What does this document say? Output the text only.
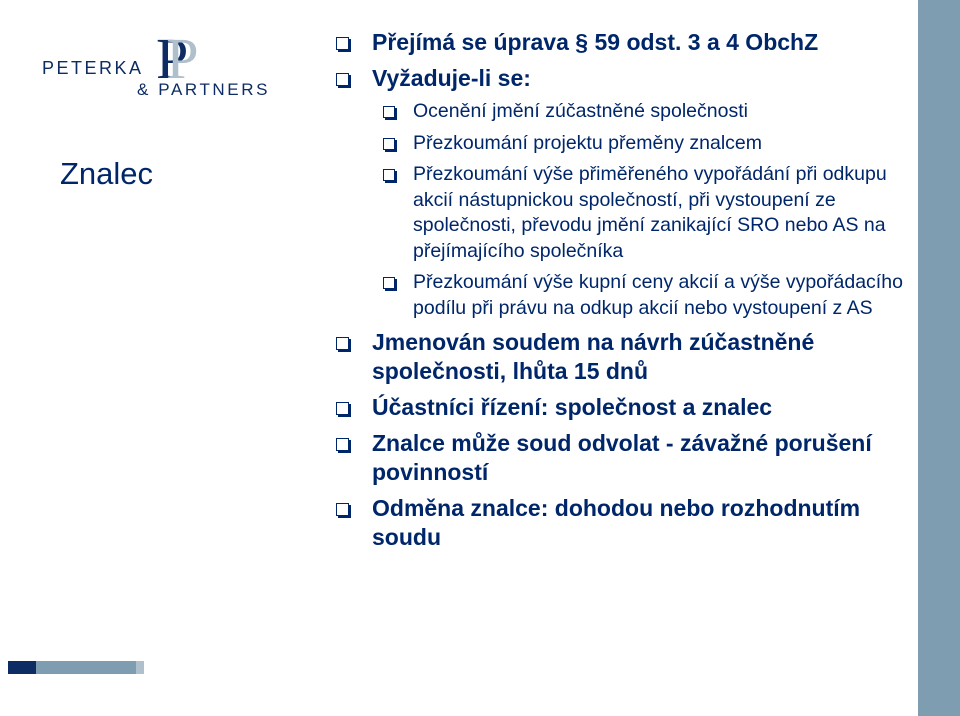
PP
PETERKA
& PARTNERS
Znalec
Přejímá se úprava § 59 odst. 3 a 4 ObchZ
Vyžaduje-li se:
Ocenění jmění zúčastněné společnosti
Přezkoumání projektu přeměny znalcem
Přezkoumání výše přiměřeného vypořádání při odkupu akcií nástupnickou společností, při vystoupení ze společnosti, převodu jmění zanikající SRO nebo AS na přejímajícího společníka
Přezkoumání výše kupní ceny akcií a výše vypořádacího podílu při právu na odkup akcií nebo vystoupení z AS
Jmenován soudem na návrh zúčastněné společnosti, lhůta 15 dnů
Účastníci řízení: společnost a znalec
Znalce může soud odvolat - závažné porušení povinností
Odměna znalce: dohodou nebo rozhodnutím soudu
